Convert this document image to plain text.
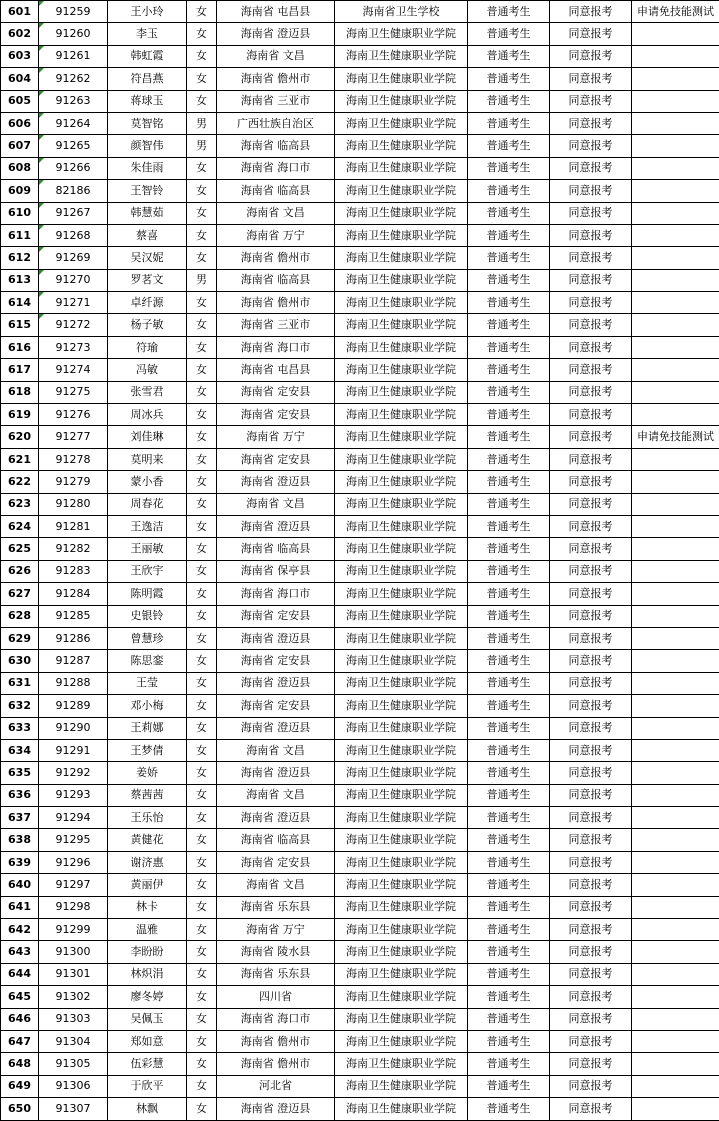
601	91259	王小玲	女	海南省 屯昌县	海南省卫生学校	普通考生	同意报考	申请免技能测试
602	91260	李玉	女	海南省 澄迈县	海南卫生健康职业学院	普通考生	同意报考	
603	91261	韩虹霞	女	海南省 文昌	海南卫生健康职业学院	普通考生	同意报考	
604	91262	符昌燕	女	海南省 儋州市	海南卫生健康职业学院	普通考生	同意报考	
605	91263	蒋球玉	女	海南省 三亚市	海南卫生健康职业学院	普通考生	同意报考	
606	91264	莫智铭	男	广西壮族自治区	海南卫生健康职业学院	普通考生	同意报考	
607	91265	颜智伟	男	海南省 临高县	海南卫生健康职业学院	普通考生	同意报考	
608	91266	朱佳雨	女	海南省 海口市	海南卫生健康职业学院	普通考生	同意报考	
609	82186	王智铃	女	海南省 临高县	海南卫生健康职业学院	普通考生	同意报考	
610	91267	韩慧茹	女	海南省 文昌	海南卫生健康职业学院	普通考生	同意报考	
611	91268	蔡喜	女	海南省 万宁	海南卫生健康职业学院	普通考生	同意报考	
612	91269	吴汉妮	女	海南省 儋州市	海南卫生健康职业学院	普通考生	同意报考	
613	91270	罗茗文	男	海南省 临高县	海南卫生健康职业学院	普通考生	同意报考	
614	91271	卓纤源	女	海南省 儋州市	海南卫生健康职业学院	普通考生	同意报考	
615	91272	杨子敏	女	海南省 三亚市	海南卫生健康职业学院	普通考生	同意报考	
616	91273	符瑜	女	海南省 海口市	海南卫生健康职业学院	普通考生	同意报考	
617	91274	冯敏	女	海南省 屯昌县	海南卫生健康职业学院	普通考生	同意报考	
618	91275	张雪君	女	海南省 定安县	海南卫生健康职业学院	普通考生	同意报考	
619	91276	周冰兵	女	海南省 定安县	海南卫生健康职业学院	普通考生	同意报考	
620	91277	刘佳琳	女	海南省 万宁	海南卫生健康职业学院	普通考生	同意报考	申请免技能测试
621	91278	莫明来	女	海南省 定安县	海南卫生健康职业学院	普通考生	同意报考	
622	91279	蒙小香	女	海南省 澄迈县	海南卫生健康职业学院	普通考生	同意报考	
623	91280	周春花	女	海南省 文昌	海南卫生健康职业学院	普通考生	同意报考	
624	91281	王逸洁	女	海南省 澄迈县	海南卫生健康职业学院	普通考生	同意报考	
625	91282	王丽敏	女	海南省 临高县	海南卫生健康职业学院	普通考生	同意报考	
626	91283	王欣宇	女	海南省 保亭县	海南卫生健康职业学院	普通考生	同意报考	
627	91284	陈明霞	女	海南省 海口市	海南卫生健康职业学院	普通考生	同意报考	
628	91285	史银铃	女	海南省 定安县	海南卫生健康职业学院	普通考生	同意报考	
629	91286	曾慧珍	女	海南省 澄迈县	海南卫生健康职业学院	普通考生	同意报考	
630	91287	陈思銮	女	海南省 定安县	海南卫生健康职业学院	普通考生	同意报考	
631	91288	王莹	女	海南省 澄迈县	海南卫生健康职业学院	普通考生	同意报考	
632	91289	邓小梅	女	海南省 定安县	海南卫生健康职业学院	普通考生	同意报考	
633	91290	王莉娜	女	海南省 澄迈县	海南卫生健康职业学院	普通考生	同意报考	
634	91291	王梦倩	女	海南省 文昌	海南卫生健康职业学院	普通考生	同意报考	
635	91292	姜娇	女	海南省 澄迈县	海南卫生健康职业学院	普通考生	同意报考	
636	91293	蔡茜茜	女	海南省 文昌	海南卫生健康职业学院	普通考生	同意报考	
637	91294	王乐怡	女	海南省 澄迈县	海南卫生健康职业学院	普通考生	同意报考	
638	91295	黄健花	女	海南省 临高县	海南卫生健康职业学院	普通考生	同意报考	
639	91296	谢济惠	女	海南省 定安县	海南卫生健康职业学院	普通考生	同意报考	
640	91297	黄丽伊	女	海南省 文昌	海南卫生健康职业学院	普通考生	同意报考	
641	91298	林卡	女	海南省 乐东县	海南卫生健康职业学院	普通考生	同意报考	
642	91299	温雅	女	海南省 万宁	海南卫生健康职业学院	普通考生	同意报考	
643	91300	李盼盼	女	海南省 陵水县	海南卫生健康职业学院	普通考生	同意报考	
644	91301	林炽涓	女	海南省 乐东县	海南卫生健康职业学院	普通考生	同意报考	
645	91302	廖冬婷	女	四川省	海南卫生健康职业学院	普通考生	同意报考	
646	91303	吴佩玉	女	海南省 海口市	海南卫生健康职业学院	普通考生	同意报考	
647	91304	郑如意	女	海南省 儋州市	海南卫生健康职业学院	普通考生	同意报考	
648	91305	伍彩慧	女	海南省 儋州市	海南卫生健康职业学院	普通考生	同意报考	
649	91306	于欣平	女	河北省	海南卫生健康职业学院	普通考生	同意报考	
650	91307	林飘	女	海南省 澄迈县	海南卫生健康职业学院	普通考生	同意报考	
